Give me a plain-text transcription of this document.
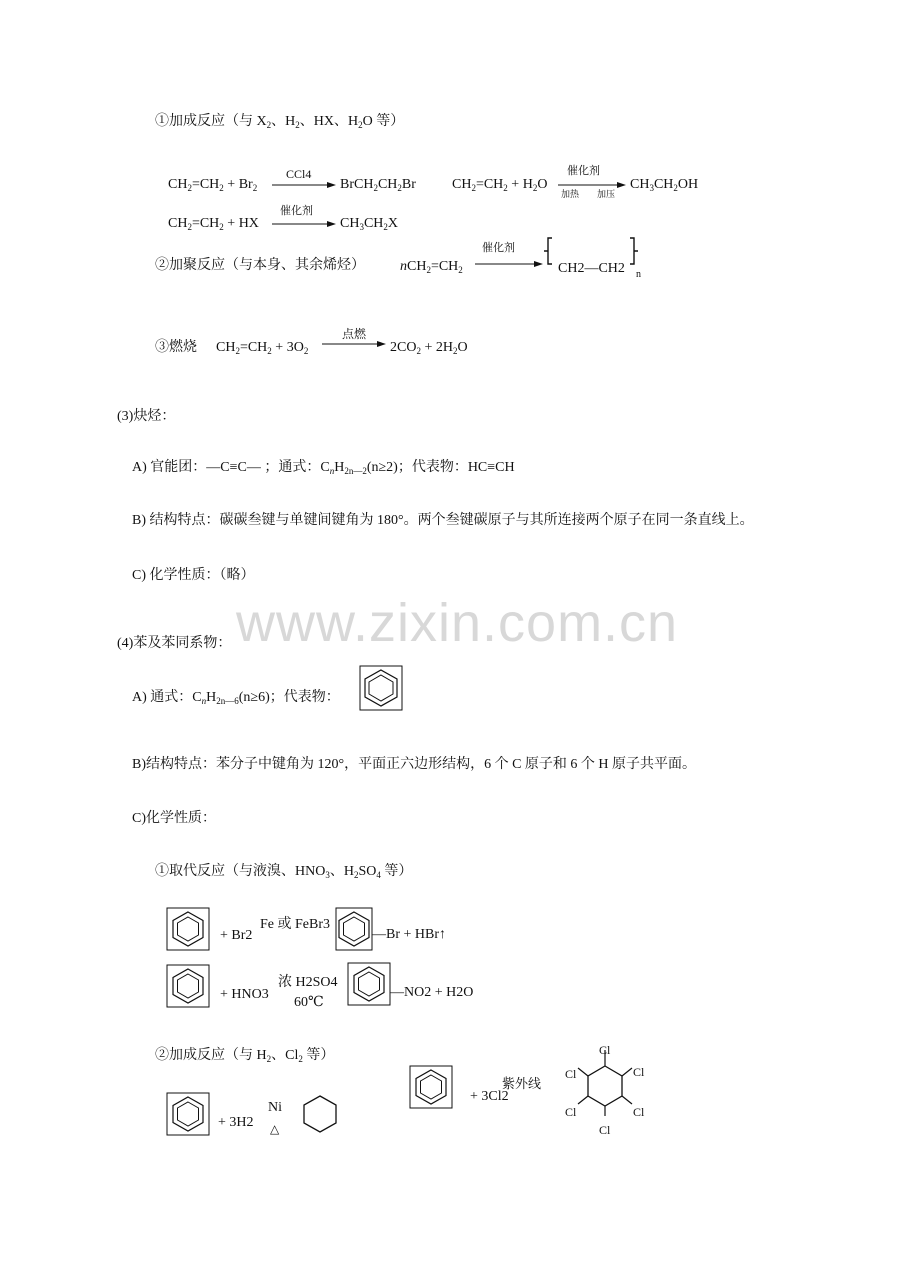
www.zixin.com.cn
①加成反应（与 $X_2$、$H_2$、HX、$H_2O$ 等）
$CH_2=CH_2 + Br_2$
CCl4
$BrCH_2CH_2Br$	$CH_2=CH_2 + H_2O$
催化剂
加热	加压
$CH_3CH_2OH$
$CH_2=CH_2$ + HX
催化剂
$CH_3CH_2X$
②加聚反应（与本身、其余烯烃）	$nCH_2=CH_2$
催化剂
CH2—CH2 n
③燃烧 $CH_2=CH_2 + 3O_2$
点燃
$2CO_2 + 2H_2O$
(3)炔烃：
A) 官能团：—C≡C— ；通式：$C_nH_{2n—2}(n\ge 2)$；代表物：HC≡CH
B) 结构特点：碳碳叁键与单键间键角为 180°。两个叁键碳原子与其所连接两个原子在同一条直线上。
C) 化学性质：（略）
(4)苯及苯同系物：
A) 通式：$C_nH_{2n—6}(n\ge 6)$；代表物：
B)结构特点：苯分子中键角为 120°，平面正六边形结构，6 个 C 原子和 6 个 H 原子共平面。
C)化学性质：
①取代反应（与液溴、$HNO_3$、$H_2SO_4$ 等）
+ Br2
Fe 或 FeBr3
—Br + HBr↑
+ HNO3
浓 H2SO4
60℃
—NO2 + H2O
②加成反应（与 $H_2$、$Cl_2$ 等）
+ 3H2
Ni
△
+ 3Cl2
紫外线
Cl
Cl	Cl
Cl	Cl
Cl
